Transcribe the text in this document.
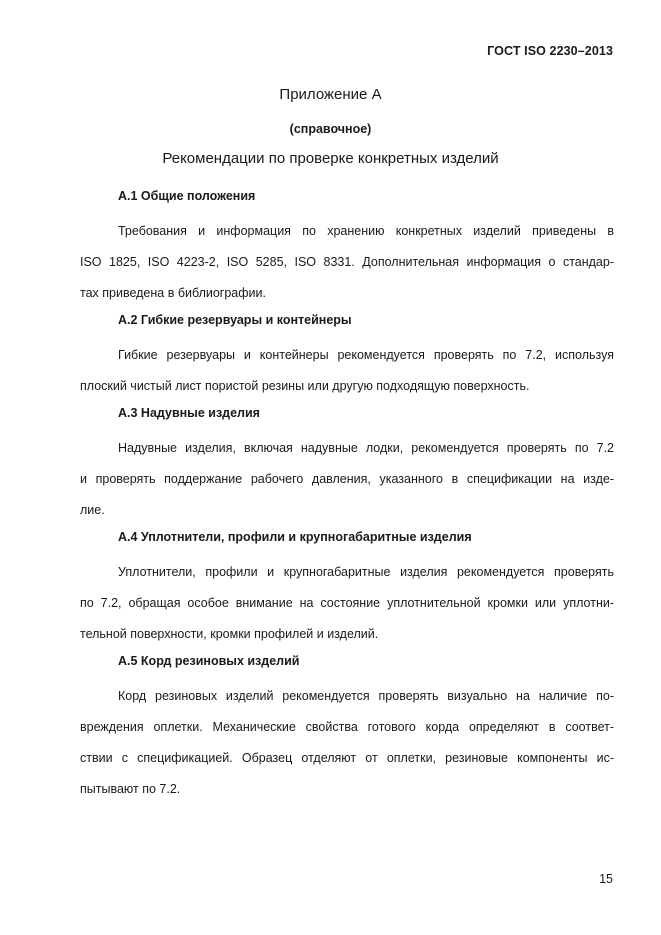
ГОСТ ISO 2230–2013
Приложение А
(справочное)
Рекомендации по проверке конкретных изделий
А.1 Общие положения
Требования и информация по хранению конкретных изделий приведены в
ISO 1825, ISO 4223-2, ISO 5285, ISO 8331. Дополнительная информация о стандар-
тах приведена в библиографии.
А.2 Гибкие резервуары и контейнеры
Гибкие резервуары и контейнеры рекомендуется проверять по 7.2, используя
плоский чистый лист пористой резины или другую подходящую поверхность.
А.3 Надувные изделия
Надувные изделия, включая надувные лодки, рекомендуется проверять по 7.2
и проверять поддержание рабочего давления, указанного в спецификации на изде-
лие.
А.4 Уплотнители, профили и крупногабаритные изделия
Уплотнители, профили и крупногабаритные изделия рекомендуется проверять
по 7.2, обращая особое внимание на состояние уплотнительной кромки или уплотни-
тельной поверхности, кромки профилей и изделий.
А.5 Корд резиновых изделий
Корд резиновых изделий рекомендуется проверять визуально на наличие по-
вреждения оплетки. Механические свойства готового корда определяют в соответ-
ствии с спецификацией. Образец отделяют от оплетки, резиновые компоненты ис-
пытывают по 7.2.
15
